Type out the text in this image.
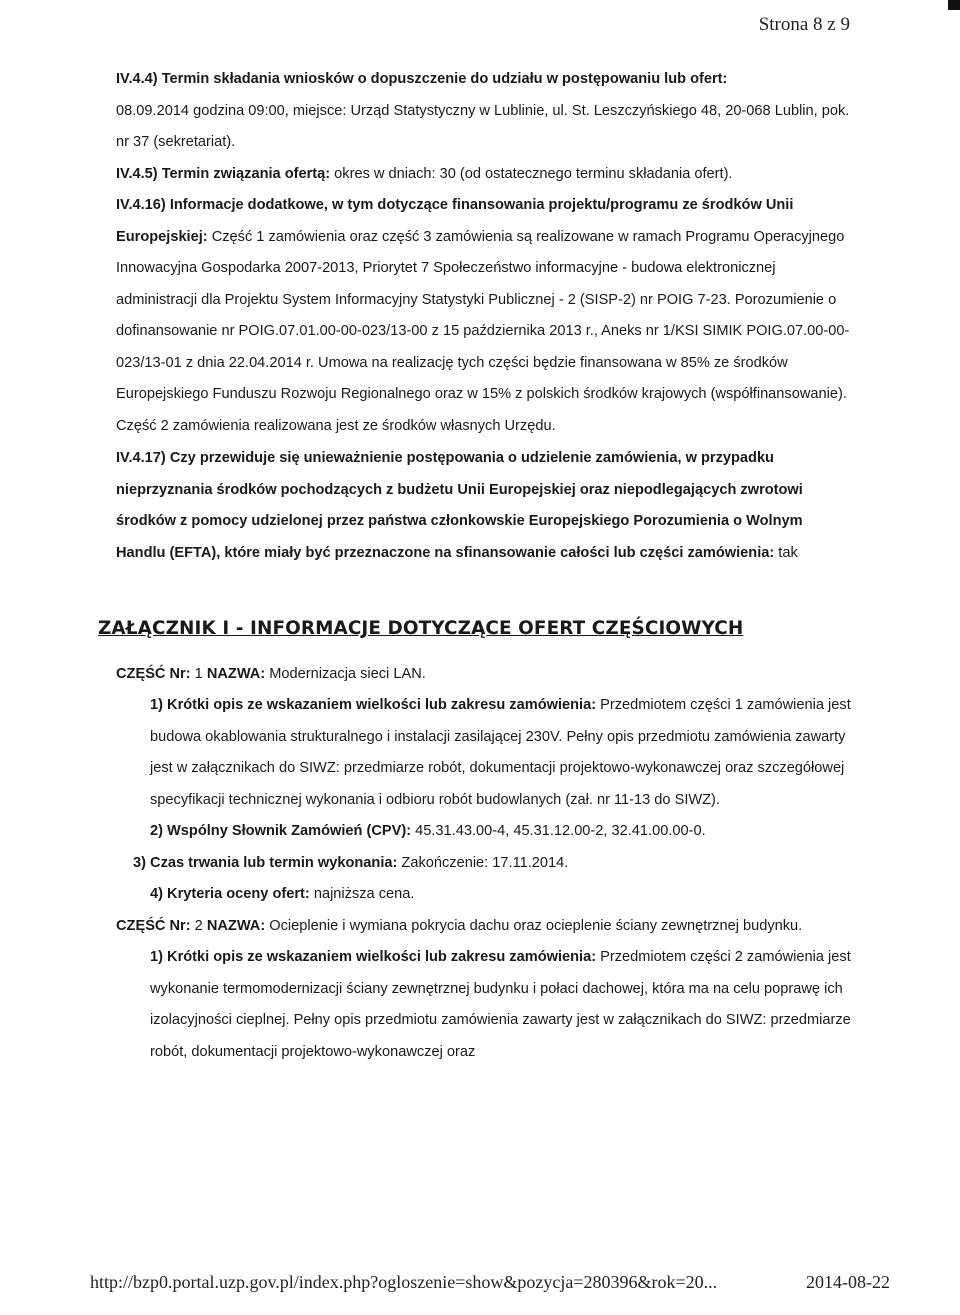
Strona 8 z 9

IV.4.4) Termin składania wniosków o dopuszczenie do udziału w postępowaniu lub ofert:
08.09.2014 godzina 09:00, miejsce: Urząd Statystyczny w Lublinie, ul. St. Leszczyńskiego 48, 20-068 Lublin, pok. nr 37 (sekretariat).

IV.4.5) Termin związania ofertą: okres w dniach: 30 (od ostatecznego terminu składania ofert).

IV.4.16) Informacje dodatkowe, w tym dotyczące finansowania projektu/programu ze środków Unii Europejskiej: Część 1 zamówienia oraz część 3 zamówienia są realizowane w ramach Programu Operacyjnego Innowacyjna Gospodarka 2007-2013, Priorytet 7 Społeczeństwo informacyjne - budowa elektronicznej administracji dla Projektu System Informacyjny Statystyki Publicznej - 2 (SISP-2) nr POIG 7-23. Porozumienie o dofinansowanie nr POIG.07.01.00-00-023/13-00 z 15 października 2013 r., Aneks nr 1/KSI SIMIK POIG.07.00-00-023/13-01 z dnia 22.04.2014 r. Umowa na realizację tych części będzie finansowana w 85% ze środków Europejskiego Funduszu Rozwoju Regionalnego oraz w 15% z polskich środków krajowych (współfinansowanie). Część 2 zamówienia realizowana jest ze środków własnych Urzędu.

IV.4.17) Czy przewiduje się unieważnienie postępowania o udzielenie zamówienia, w przypadku nieprzyznania środków pochodzących z budżetu Unii Europejskiej oraz niepodlegających zwrotowi środków z pomocy udzielonej przez państwa członkowskie Europejskiego Porozumienia o Wolnym Handlu (EFTA), które miały być przeznaczone na sfinansowanie całości lub części zamówienia: tak

ZAŁĄCZNIK I - INFORMACJE DOTYCZĄCE OFERT CZĘŚCIOWYCH

CZĘŚĆ Nr: 1 NAZWA: Modernizacja sieci LAN.

1) Krótki opis ze wskazaniem wielkości lub zakresu zamówienia: Przedmiotem części 1 zamówienia jest budowa okablowania strukturalnego i instalacji zasilającej 230V. Pełny opis przedmiotu zamówienia zawarty jest w załącznikach do SIWZ: przedmiarze robót, dokumentacji projektowo-wykonawczej oraz szczegółowej specyfikacji technicznej wykonania i odbioru robót budowlanych (zał. nr 11-13 do SIWZ).

2) Wspólny Słownik Zamówień (CPV): 45.31.43.00-4, 45.31.12.00-2, 32.41.00.00-0.

3) Czas trwania lub termin wykonania: Zakończenie: 17.11.2014.

4) Kryteria oceny ofert: najniższa cena.

CZĘŚĆ Nr: 2 NAZWA: Ocieplenie i wymiana pokrycia dachu oraz ocieplenie ściany zewnętrznej budynku.

1) Krótki opis ze wskazaniem wielkości lub zakresu zamówienia: Przedmiotem części 2 zamówienia jest wykonanie termomodernizacji ściany zewnętrznej budynku i połaci dachowej, która ma na celu poprawę ich izolacyjności cieplnej. Pełny opis przedmiotu zamówienia zawarty jest w załącznikach do SIWZ: przedmiarze robót, dokumentacji projektowo-wykonawczej oraz

http://bzp0.portal.uzp.gov.pl/index.php?ogloszenie=show&pozycja=280396&rok=20...	2014-08-22
